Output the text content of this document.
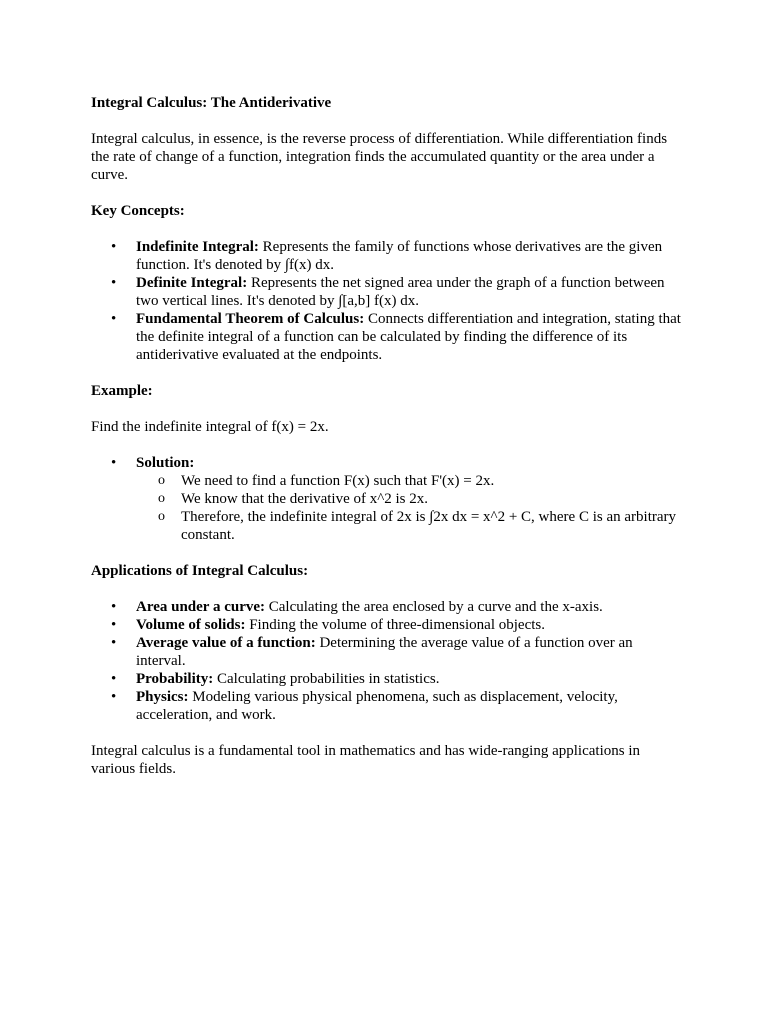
Integral Calculus: The Antiderivative

Integral calculus, in essence, is the reverse process of differentiation. While differentiation finds the rate of change of a function, integration finds the accumulated quantity or the area under a curve.

Key Concepts:

• Indefinite Integral: Represents the family of functions whose derivatives are the given function. It's denoted by ∫f(x) dx.
• Definite Integral: Represents the net signed area under the graph of a function between two vertical lines. It's denoted by ∫[a,b] f(x) dx.
• Fundamental Theorem of Calculus: Connects differentiation and integration, stating that the definite integral of a function can be calculated by finding the difference of its antiderivative evaluated at the endpoints.

Example:

Find the indefinite integral of f(x) = 2x.

• Solution:
o We need to find a function F(x) such that F'(x) = 2x.
o We know that the derivative of x^2 is 2x.
o Therefore, the indefinite integral of 2x is ∫2x dx = x^2 + C, where C is an arbitrary constant.

Applications of Integral Calculus:

• Area under a curve: Calculating the area enclosed by a curve and the x-axis.
• Volume of solids: Finding the volume of three-dimensional objects.
• Average value of a function: Determining the average value of a function over an interval.
• Probability: Calculating probabilities in statistics.
• Physics: Modeling various physical phenomena, such as displacement, velocity, acceleration, and work.

Integral calculus is a fundamental tool in mathematics and has wide-ranging applications in various fields.
